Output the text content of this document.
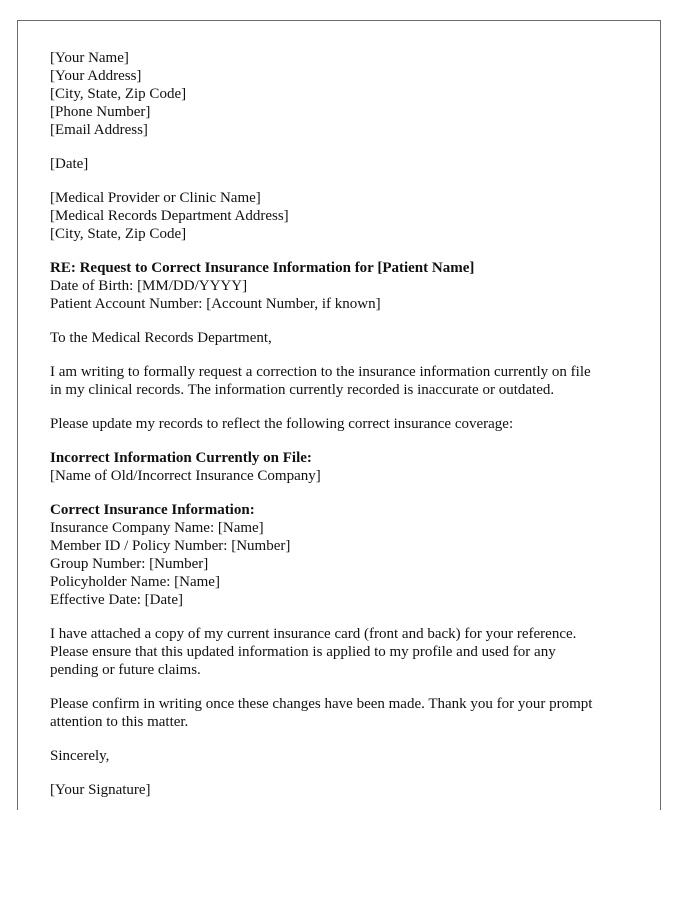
[Your Name]
[Your Address]
[City, State, Zip Code]
[Phone Number]
[Email Address]
[Date]
[Medical Provider or Clinic Name]
[Medical Records Department Address]
[City, State, Zip Code]
RE: Request to Correct Insurance Information for [Patient Name]
Date of Birth: [MM/DD/YYYY]
Patient Account Number: [Account Number, if known]

To the Medical Records Department,

I am writing to formally request a correction to the insurance information currently on file
in my clinical records. The information currently recorded is inaccurate or outdated.

Please update my records to reflect the following correct insurance coverage:

Incorrect Information Currently on File:
[Name of Old/Incorrect Insurance Company]
Correct Insurance Information:
Insurance Company Name: [Name]
Member ID / Policy Number: [Number]
Group Number: [Number]
Policyholder Name: [Name]
Effective Date: [Date]

I have attached a copy of my current insurance card (front and back) for your reference.
Please ensure that this updated information is applied to my profile and used for any
pending or future claims.

Please confirm in writing once these changes have been made. Thank you for your prompt
attention to this matter.

Sincerely,

[Your Signature]
